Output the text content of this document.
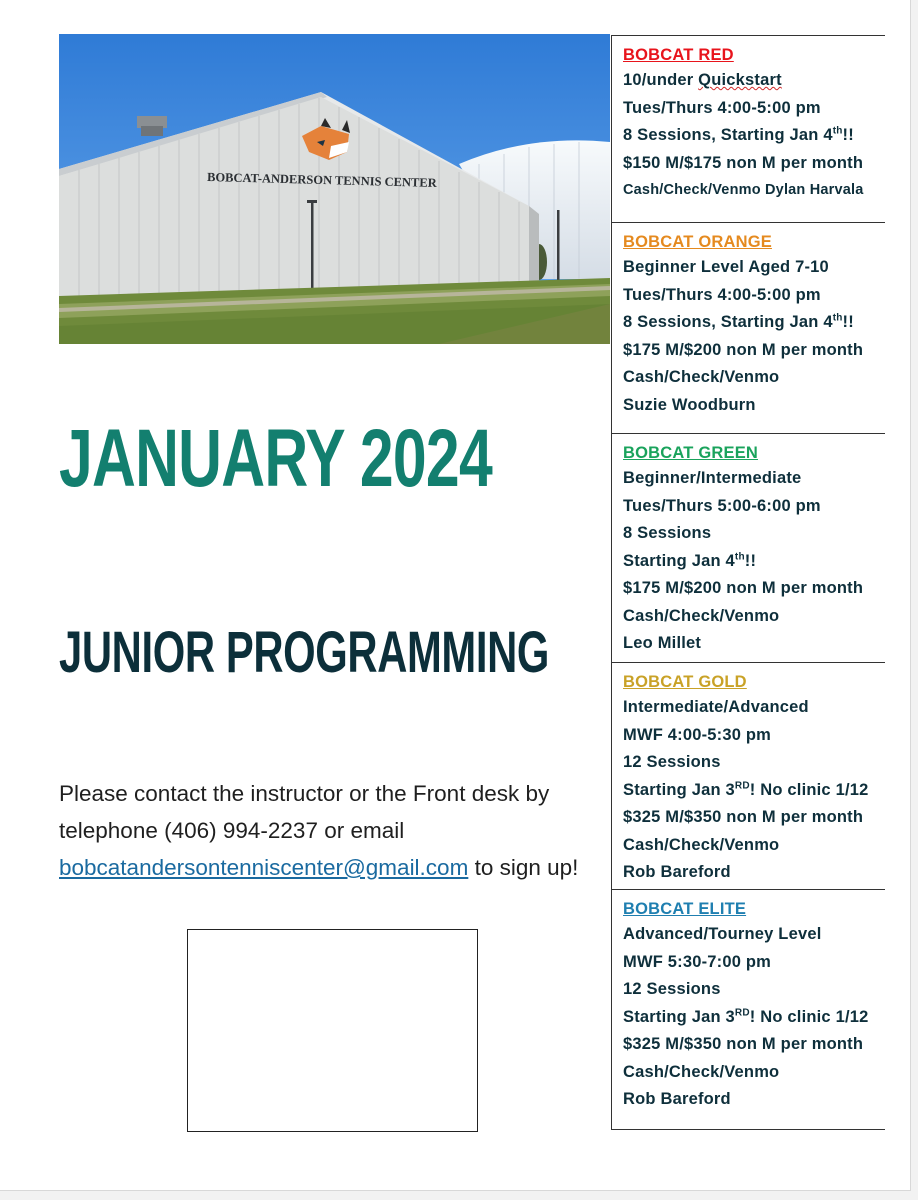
BOBCAT-ANDERSON TENNIS CENTER
JANUARY 2024
JUNIOR PROGRAMMING
Please contact the instructor or the Front desk by telephone (406) 994-2237 or email bobcatandersontenniscenter@gmail.com to sign up!
BOBCAT RED
10/under Quickstart
Tues/Thurs 4:00-5:00 pm
8 Sessions, Starting Jan 4th!!
$150 M/$175 non M per month
Cash/Check/Venmo Dylan Harvala
BOBCAT ORANGE
Beginner Level Aged 7-10
Tues/Thurs 4:00-5:00 pm
8 Sessions, Starting Jan 4th!!
$175 M/$200 non M per month
Cash/Check/Venmo
Suzie Woodburn
BOBCAT GREEN
Beginner/Intermediate
Tues/Thurs 5:00-6:00 pm
8 Sessions
Starting Jan 4th!!
$175 M/$200 non M per month
Cash/Check/Venmo
Leo Millet
BOBCAT GOLD
Intermediate/Advanced
MWF 4:00-5:30 pm
12 Sessions
Starting Jan 3RD! No clinic 1/12
$325 M/$350 non M per month
Cash/Check/Venmo
Rob Bareford
BOBCAT ELITE
Advanced/Tourney Level
MWF 5:30-7:00 pm
12 Sessions
Starting Jan 3RD! No clinic 1/12
$325 M/$350 non M per month
Cash/Check/Venmo
Rob Bareford
